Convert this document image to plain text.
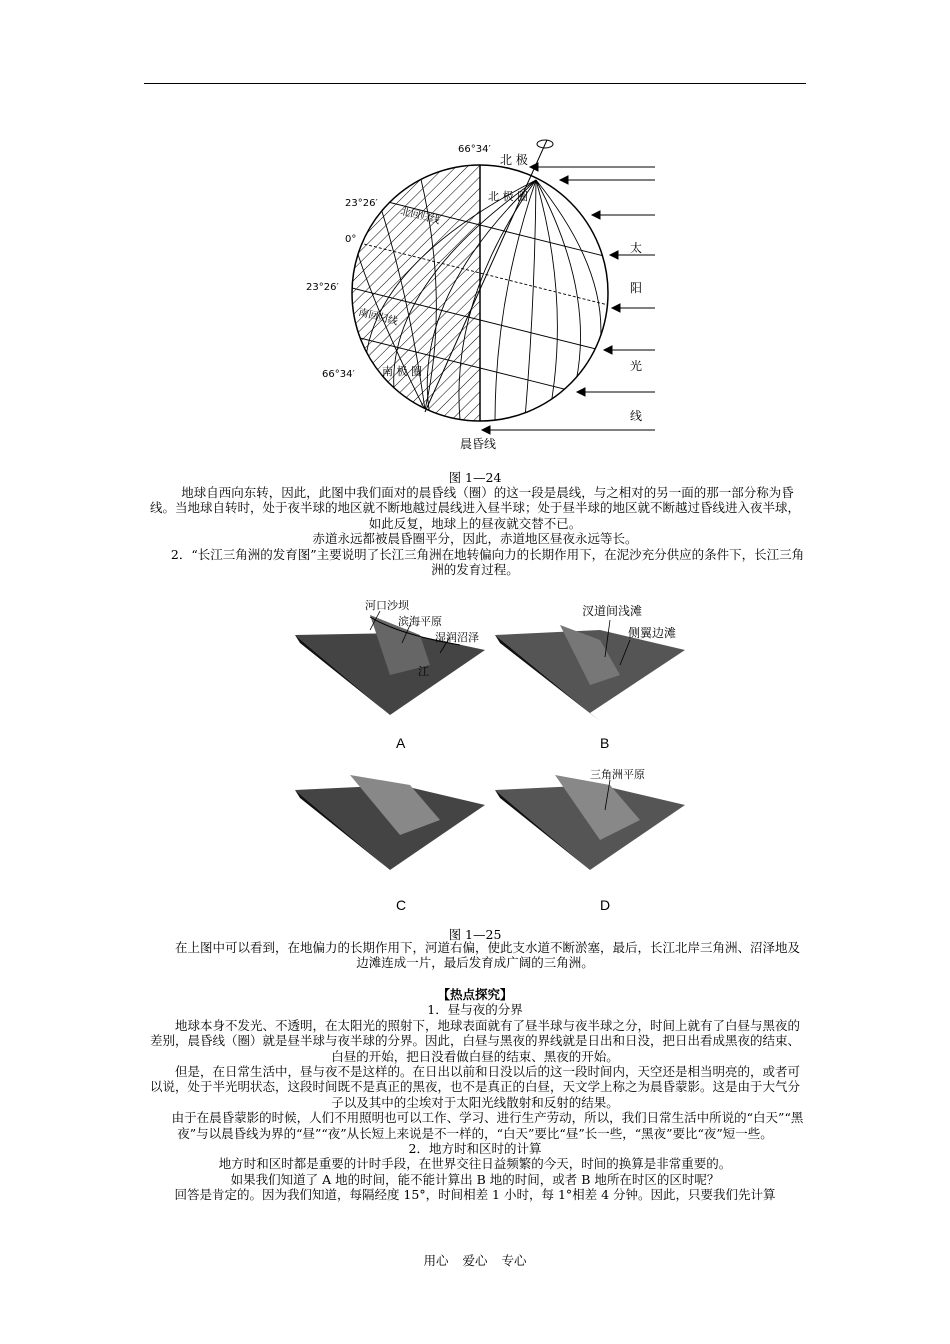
66°34′
23°26′
0°
23°26′
66°34′
北 极
北 极 圈
北回归线
南回归线
南 极 圈
太
阳
光
线
晨昏线
图 1—24

地球自西向东转，因此，此图中我们面对的晨昏线（圈）的这一段是晨线，与之相对的另一面的那一部分称为昏线。当地球自转时，处于夜半球的地区就不断地越过晨线进入昼半球；处于昼半球的地区就不断越过昏线进入夜半球，如此反复，地球上的昼夜就交替不已。

赤道永远都被晨昏圈平分，因此，赤道地区昼夜永远等长。

2．“长江三角洲的发育图”主要说明了长江三角洲在地转偏向力的长期作用下，在泥沙充分供应的条件下，长江三角洲的发育过程。

河口沙坝
滨海平原
湿润沼泽
江
汊道间浅滩
侧翼边滩
三角洲平原
A	B
C	D
图 1—25

在上图中可以看到，在地偏力的长期作用下，河道右偏，使此支水道不断淤塞，最后，长江北岸三角洲、沼泽地及边滩连成一片，最后发育成广阔的三角洲。

【热点探究】

1．昼与夜的分界

地球本身不发光、不透明，在太阳光的照射下，地球表面就有了昼半球与夜半球之分，时间上就有了白昼与黑夜的差别，晨昏线（圈）就是昼半球与夜半球的分界。因此，白昼与黑夜的界线就是日出和日没，把日出看成黑夜的结束、白昼的开始，把日没看做白昼的结束、黑夜的开始。

但是，在日常生活中，昼与夜不是这样的。在日出以前和日没以后的这一段时间内，天空还是相当明亮的，或者可以说，处于半光明状态，这段时间既不是真正的黑夜，也不是真正的白昼，天文学上称之为晨昏蒙影。这是由于大气分子以及其中的尘埃对于太阳光线散射和反射的结果。

由于在晨昏蒙影的时候，人们不用照明也可以工作、学习、进行生产劳动，所以，我们日常生活中所说的“白天”“黑夜”与以晨昏线为界的“昼”“夜”从长短上来说是不一样的，“白天”要比“昼”长一些，“黑夜”要比“夜”短一些。

2．地方时和区时的计算

地方时和区时都是重要的计时手段，在世界交往日益频繁的今天，时间的换算是非常重要的。

如果我们知道了 A 地的时间，能不能计算出 B 地的时间，或者 B 地所在时区的区时呢？

回答是肯定的。因为我们知道，每隔经度 15°，时间相差 1 小时，每 1°相差 4 分钟。因此，只要我们先计算

用心 爱心 专心
